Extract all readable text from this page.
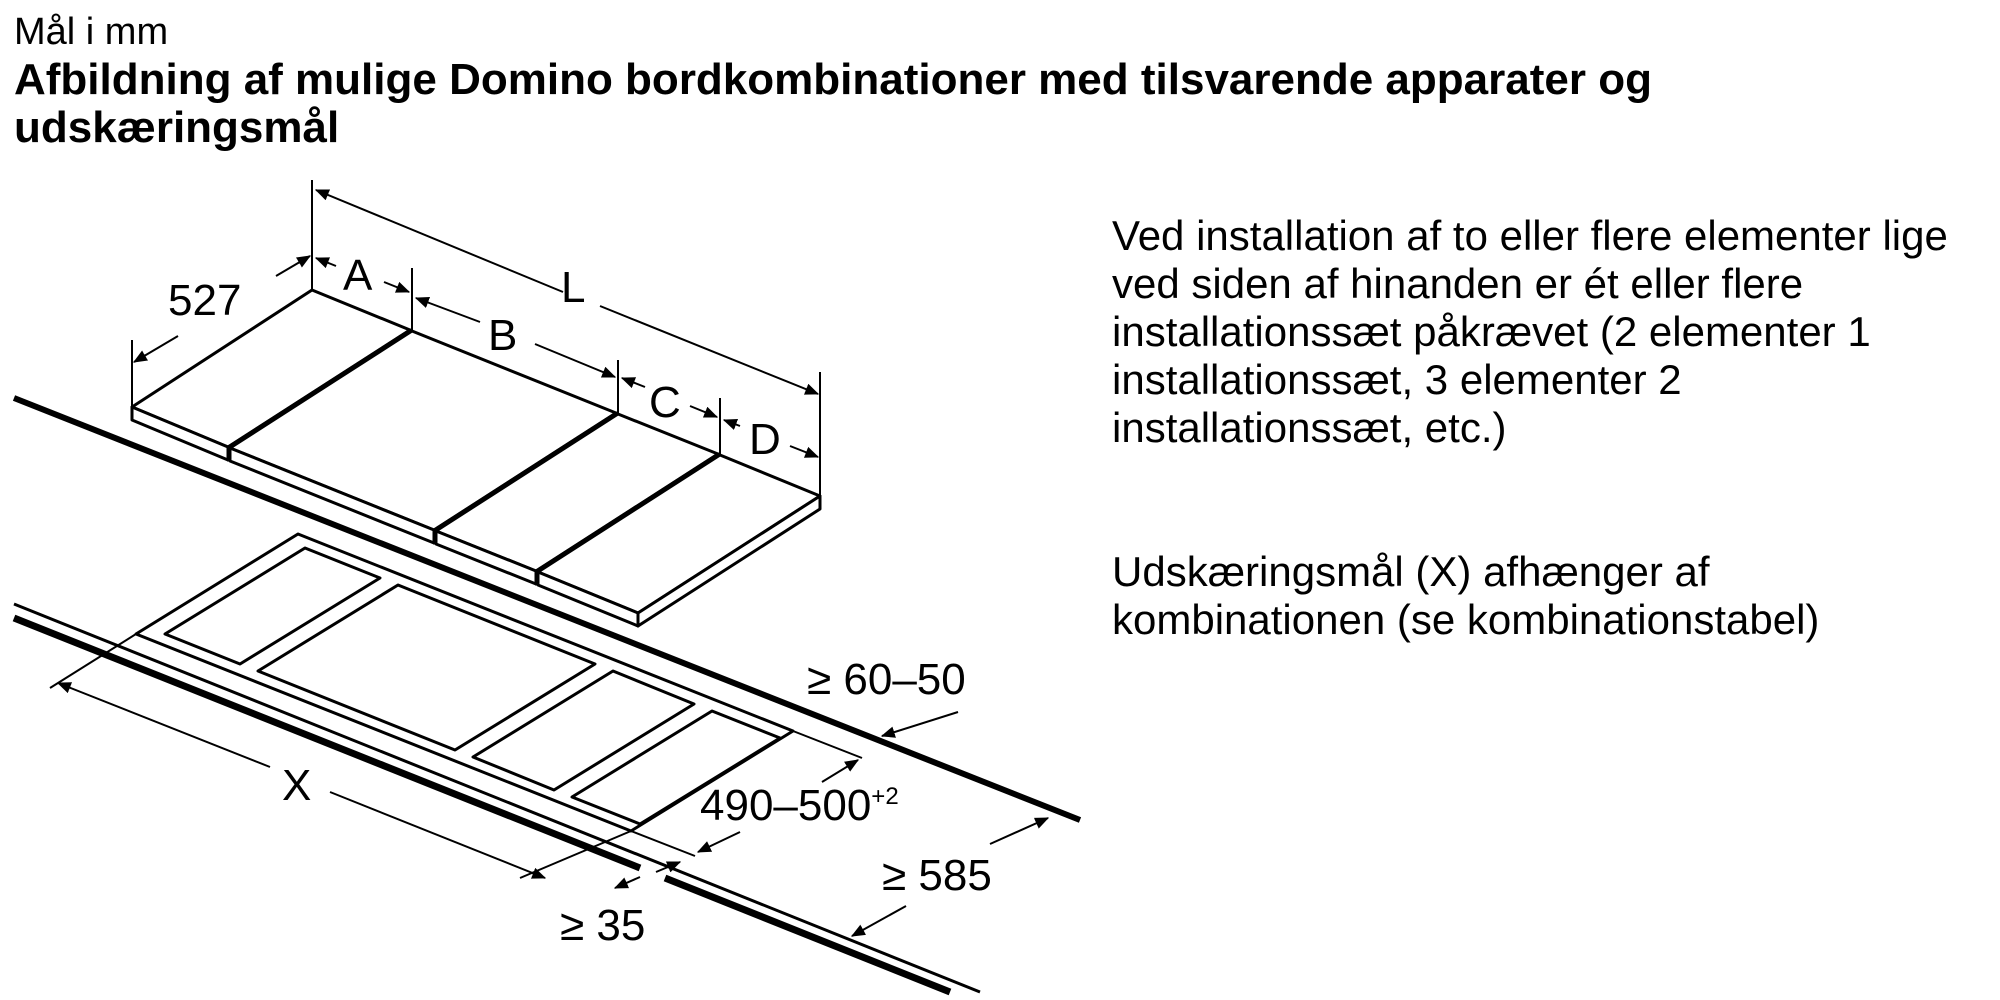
Mål i mm
Afbildning af mulige Domino bordkombinationer med tilsvarende apparater og udskæringsmål
A
B
C
D
L
527
X	$490-500^{+2}$
≥ 60–50
≥ 35
≥ 585

Ved installation af to eller flere elementer lige ved siden af hinanden er ét eller flere installationssæt påkrævet (2 elementer 1 installationssæt, 3 elementer 2 installationssæt, etc.)

Udskæringsmål (X) afhænger af kombinationen (se kombinationstabel)
